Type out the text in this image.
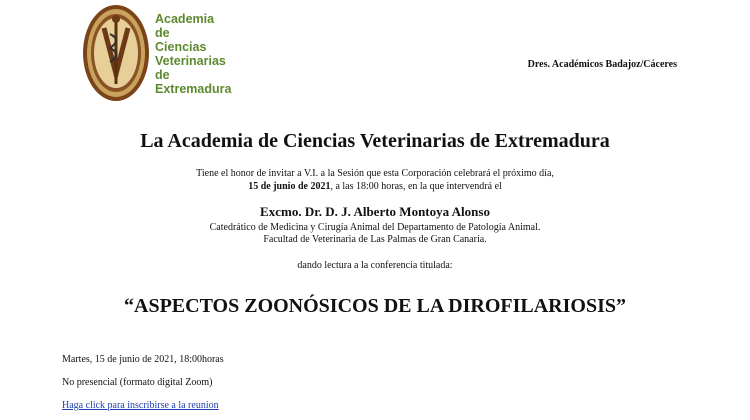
Academia
de
Ciencias
Veterinarias
de
Extremadura
Dres. Académicos Badajoz/Cáceres
La Academia de Ciencias Veterinarias de Extremadura
Tiene el honor de invitar a V.I. a la Sesión que esta Corporación celebrará el próximo día,
15 de junio de 2021, a las 18:00 horas, en la que intervendrá el
Excmo. Dr. D. J. Alberto Montoya Alonso
Catedrático de Medicina y Cirugía Animal del Departamento de Patología Animal.
Facultad de Veterinaria de Las Palmas de Gran Canaria.
dando lectura a la conferencia titulada:
“ASPECTOS ZOONÓSICOS DE LA DIROFILARIOSIS”
Martes, 15 de junio de 2021, 18:00horas
No presencial (formato digital Zoom)
Haga click para inscribirse a la reunion
